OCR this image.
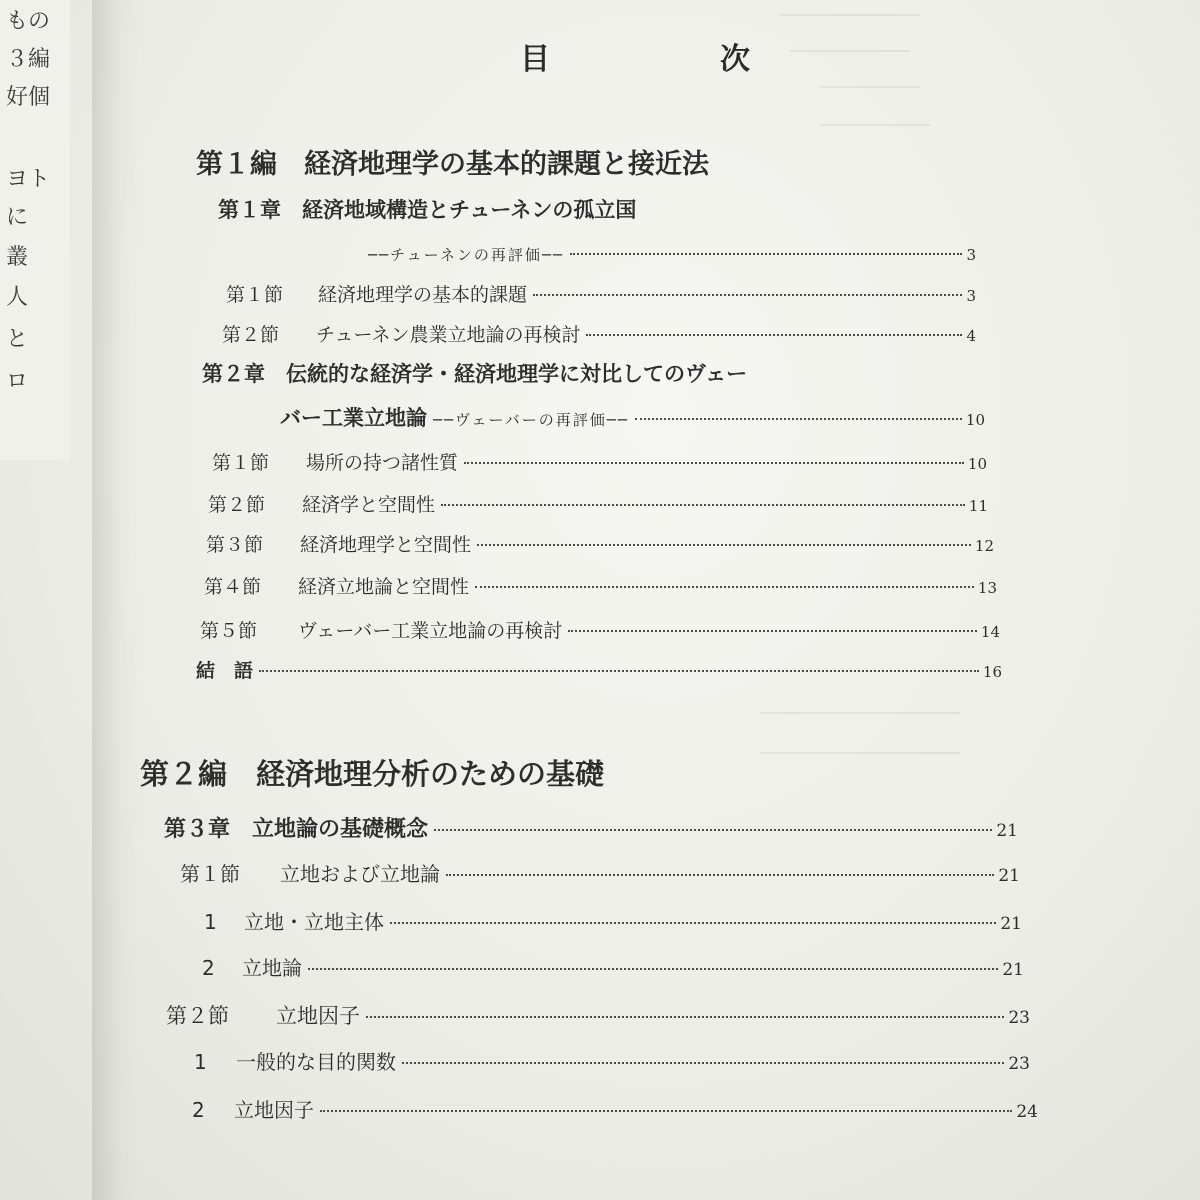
もの
３編
好個
ヨト
に
叢
人
と
ロ
目　次
第１編　経済地理学の基本的課題と接近法
第１章　経済地域構造とチューネンの孤立国
──チューネンの再評価──	3
第１節	経済地理学の基本的課題	3
第２節	チューネン農業立地論の再検討	4
第２章　伝統的な経済学・経済地理学に対比してのヴェー
バー工業立地論 ──ヴェーバーの再評価──	10
第１節	場所の持つ諸性質	10
第２節	経済学と空間性	11
第３節	経済地理学と空間性	12
第４節	経済立地論と空間性	13
第５節	ヴェーバー工業立地論の再検討	14
結　語	16
第２編　経済地理分析のための基礎
第３章　立地論の基礎概念	21
第１節	立地および立地論	21
1	立地・立地主体	21
2	立地論	21
第２節	立地因子	23
1	一般的な目的関数	23
2	立地因子	24
